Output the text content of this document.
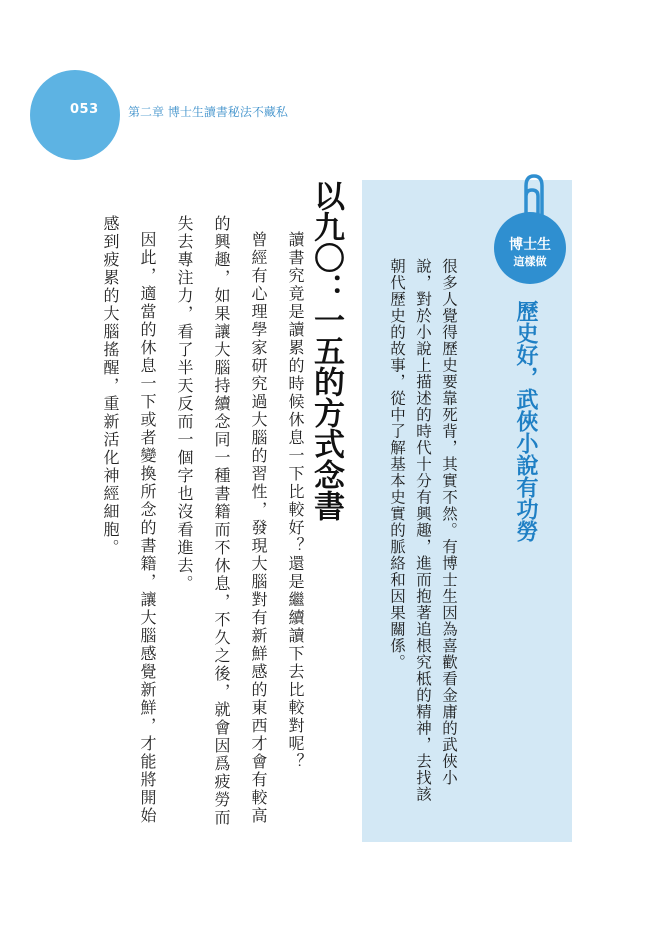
053	第二章 博士生讀書秘法不藏私
博士生
這樣做
歷史好，武俠小說有功勞
很多人覺得歷史要靠死背，其實不然。有博士生因為喜歡看金庸的武俠小說，對於小說上描述的時代十分有興趣，進而抱著追根究柢的精神，去找該朝代歷史的故事，從中了解基本史實的脈絡和因果關係。
以九〇：一五的方式念書

讀書究竟是讀累的時候休息一下比較好？還是繼續讀下去比較對呢？

曾經有心理學家研究過大腦的習性，發現大腦對有新鮮感的東西才會有較高的興趣，如果讓大腦持續念同一種書籍而不休息，不久之後，就會因爲疲勞而失去專注力，看了半天反而一個字也沒看進去。

因此，適當的休息一下或者變換所念的書籍，讓大腦感覺新鮮，才能將開始感到疲累的大腦搖醒，重新活化神經細胞。
